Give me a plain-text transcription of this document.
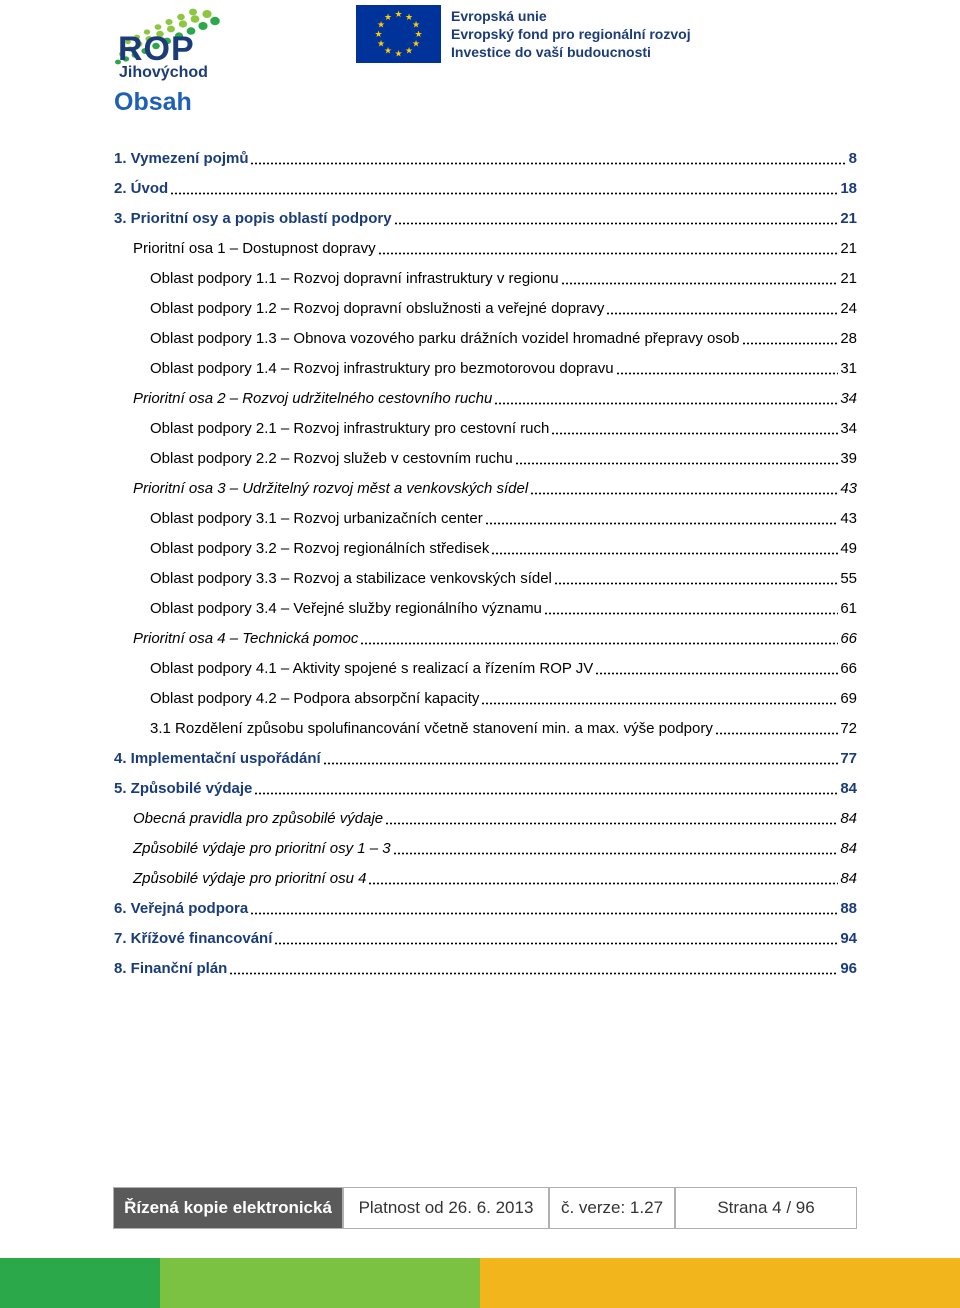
ROP
Jihovýchod
★ ★
★
★
★
★
★
★
★
★
★
★	Evropská unie
Evropský fond pro regionální rozvoj
Investice do vaší budoucnosti
Obsah
1. Vymezení pojmů	8
2. Úvod	18
3. Prioritní osy a popis oblastí podpory	21
Prioritní osa 1 – Dostupnost dopravy	21
Oblast podpory 1.1 – Rozvoj dopravní infrastruktury v regionu	21
Oblast podpory 1.2 – Rozvoj dopravní obslužnosti a veřejné dopravy	24
Oblast podpory 1.3 – Obnova vozového parku drážních vozidel hromadné přepravy osob	28
Oblast podpory 1.4 – Rozvoj infrastruktury pro bezmotorovou dopravu	31
Prioritní osa 2 – Rozvoj udržitelného cestovního ruchu	34
Oblast podpory 2.1 – Rozvoj infrastruktury pro cestovní ruch	34
Oblast podpory 2.2 – Rozvoj služeb v cestovním ruchu	39
Prioritní osa 3 – Udržitelný rozvoj měst a venkovských sídel	43
Oblast podpory 3.1 – Rozvoj urbanizačních center	43
Oblast podpory 3.2 – Rozvoj regionálních středisek	49
Oblast podpory 3.3 – Rozvoj a stabilizace venkovských sídel	55
Oblast podpory 3.4 – Veřejné služby regionálního významu	61
Prioritní osa 4 – Technická pomoc	66
Oblast podpory 4.1 – Aktivity spojené s realizací a řízením ROP JV	66
Oblast podpory 4.2 – Podpora absorpční kapacity	69
3.1 Rozdělení způsobu spolufinancování včetně stanovení min. a max. výše podpory	72
4. Implementační uspořádání	77
5. Způsobilé výdaje	84
Obecná pravidla pro způsobilé výdaje	84
Způsobilé výdaje pro prioritní osy 1 – 3	84
Způsobilé výdaje pro prioritní osu 4	84
6. Veřejná podpora	88
7. Křížové financování	94
8. Finanční plán	96
Řízená kopie elektronická	Platnost od 26. 6. 2013	č. verze: 1.27	Strana 4 / 96
